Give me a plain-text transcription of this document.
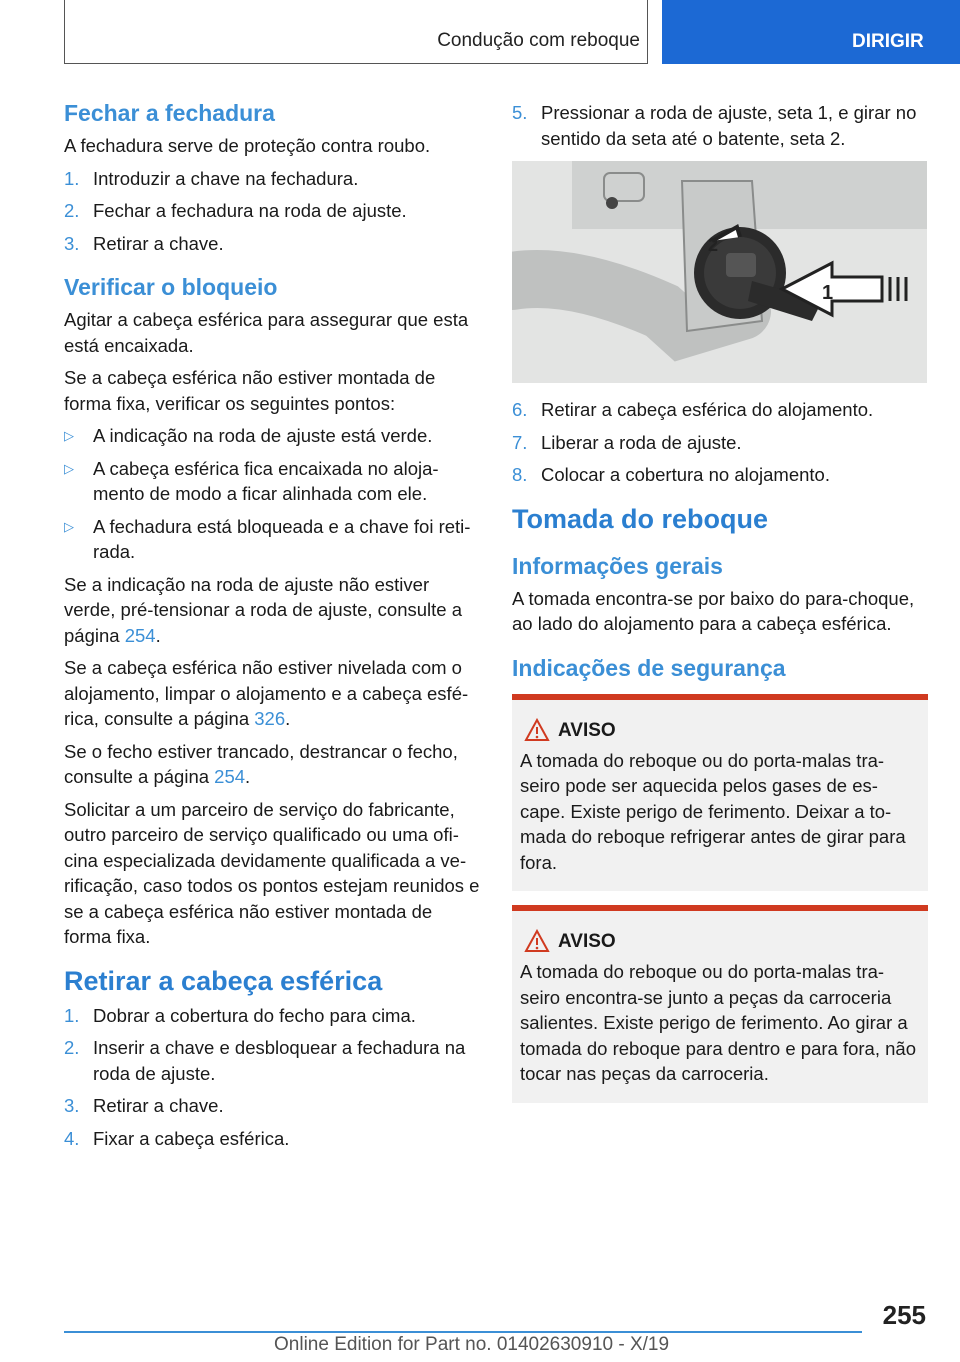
Condução com reboque	DIRIGIR
Fechar a fechadura

A fechadura serve de proteção contra roubo.

1. Introduzir a chave na fechadura.
2. Fechar a fechadura na roda de ajuste.
3. Retirar a chave.
Verificar o bloqueio

Agitar a cabeça esférica para assegurar que esta está encaixada.

Se a cabeça esférica não estiver montada de forma fixa, verificar os seguintes pontos:

▷ A indicação na roda de ajuste está verde.
▷ A cabeça esférica fica encaixada no aloja-mento de modo a ficar alinhada com ele.
▷ A fechadura está bloqueada e a chave foi reti-rada.

Se a indicação na roda de ajuste não estiver verde, pré-tensionar a roda de ajuste, consulte a página 254.

Se a cabeça esférica não estiver nivelada com o alojamento, limpar o alojamento e a cabeça esfé-rica, consulte a página 326.

Se o fecho estiver trancado, destrancar o fecho, consulte a página 254.

Solicitar a um parceiro de serviço do fabricante, outro parceiro de serviço qualificado ou uma ofi-cina especializada devidamente qualificada a ve-rificação, caso todos os pontos estejam reunidos e se a cabeça esférica não estiver montada de forma fixa.

Retirar a cabeça esférica
1. Dobrar a cobertura do fecho para cima.
2. Inserir a chave e desbloquear a fechadura na roda de ajuste.
3. Retirar a chave.
4. Fixar a cabeça esférica.
5. Pressionar a roda de ajuste, seta 1, e girar no sentido da seta até o batente, seta 2.
1
2
6. Retirar a cabeça esférica do alojamento.
7. Liberar a roda de ajuste.
8. Colocar a cobertura no alojamento.
Tomada do reboque
Informações gerais

A tomada encontra-se por baixo do para-choque, ao lado do alojamento para a cabeça esférica.

Indicações de segurança
AVISO

A tomada do reboque ou do porta-malas tra-seiro pode ser aquecida pelos gases de es-cape. Existe perigo de ferimento. Deixar a to-mada do reboque refrigerar antes de girar para fora.

AVISO

A tomada do reboque ou do porta-malas tra-seiro encontra-se junto a peças da carroceria salientes. Existe perigo de ferimento. Ao girar a tomada do reboque para dentro e para fora, não tocar nas peças da carroceria.

255
Online Edition for Part no. 01402630910 - X/19
